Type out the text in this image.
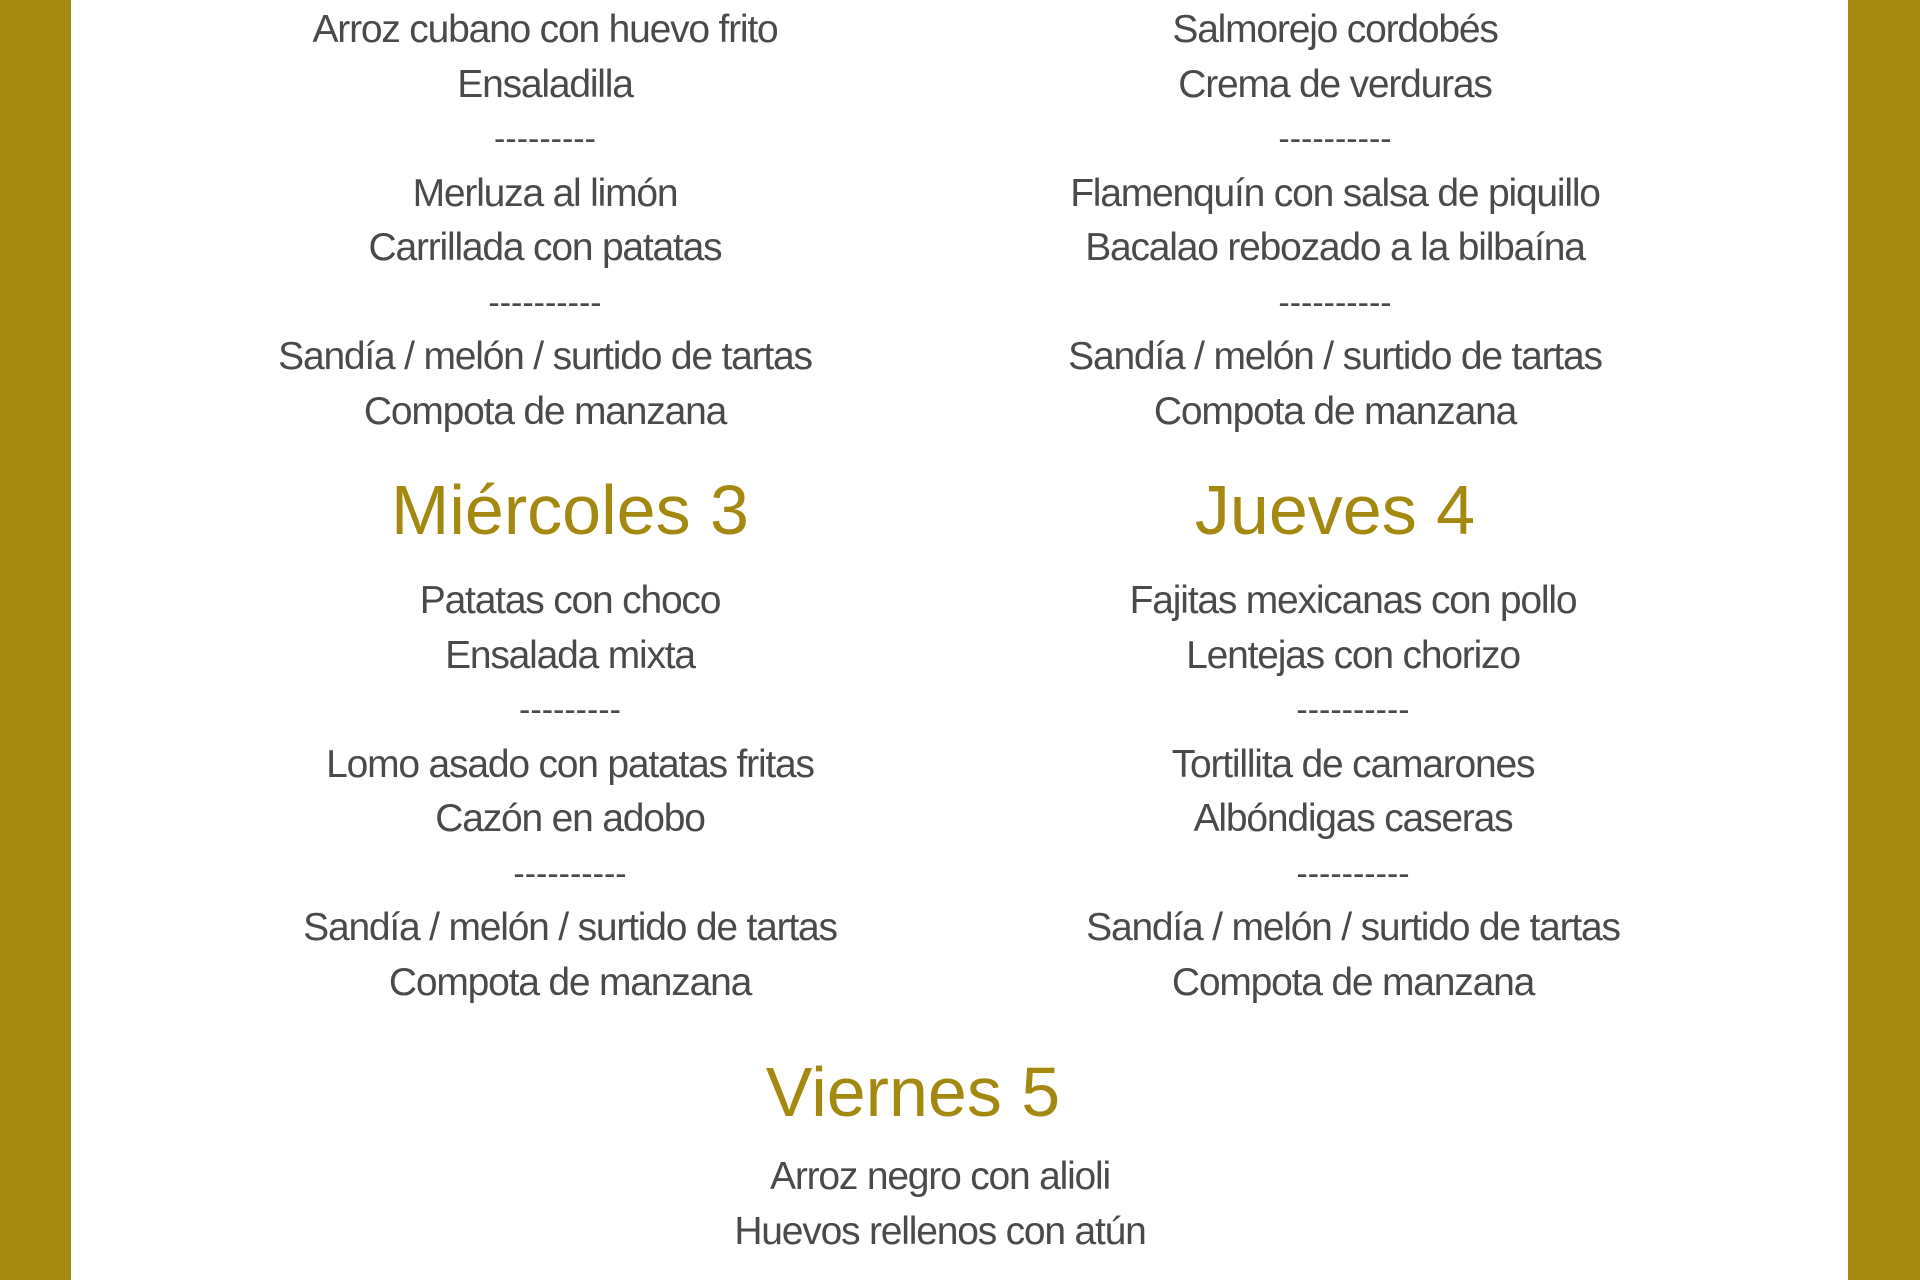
Arroz cubano con huevo frito
Ensaladilla
---------
Merluza al limón
Carrillada con patatas
----------
Sandía / melón / surtido de tartas
Compota de manzana
Salmorejo cordobés
Crema de verduras
----------
Flamenquín con salsa de piquillo
Bacalao rebozado a la bilbaína
----------
Sandía / melón / surtido de tartas
Compota de manzana
Miércoles 3
Patatas con choco
Ensalada mixta
---------
Lomo asado con patatas fritas
Cazón en adobo
----------
Sandía / melón / surtido de tartas
Compota de manzana
Jueves 4
Fajitas mexicanas con pollo
Lentejas con chorizo
----------
Tortillita de camarones
Albóndigas caseras
----------
Sandía / melón / surtido de tartas
Compota de manzana
Viernes 5
Arroz negro con alioli
Huevos rellenos con atún
